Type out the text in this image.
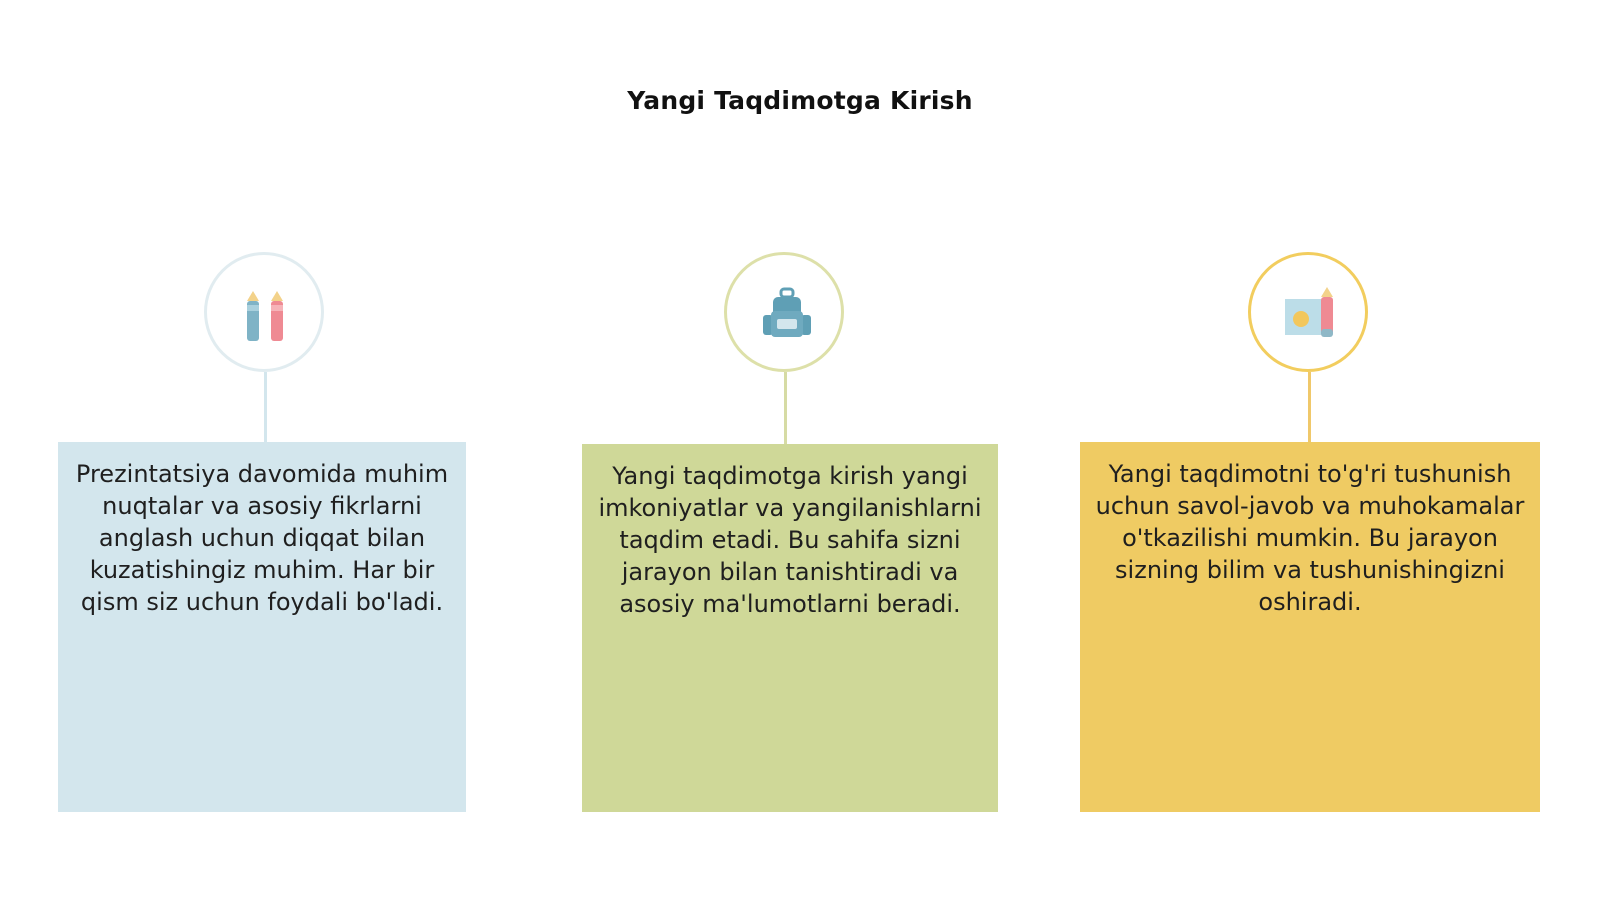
Yangi Taqdimotga Kirish
Prezintatsiya davomida muhim nuqtalar va asosiy fikrlarni anglash uchun diqqat bilan kuzatishingiz muhim. Har bir qism siz uchun foydali bo'ladi.
Yangi taqdimotga kirish yangi imkoniyatlar va yangilanishlarni taqdim etadi. Bu sahifa sizni jarayon bilan tanishtiradi va asosiy ma'lumotlarni beradi.
Yangi taqdimotni to'g'ri tushunish uchun savol-javob va muhokamalar o'tkazilishi mumkin. Bu jarayon sizning bilim va tushunishingizni oshiradi.
